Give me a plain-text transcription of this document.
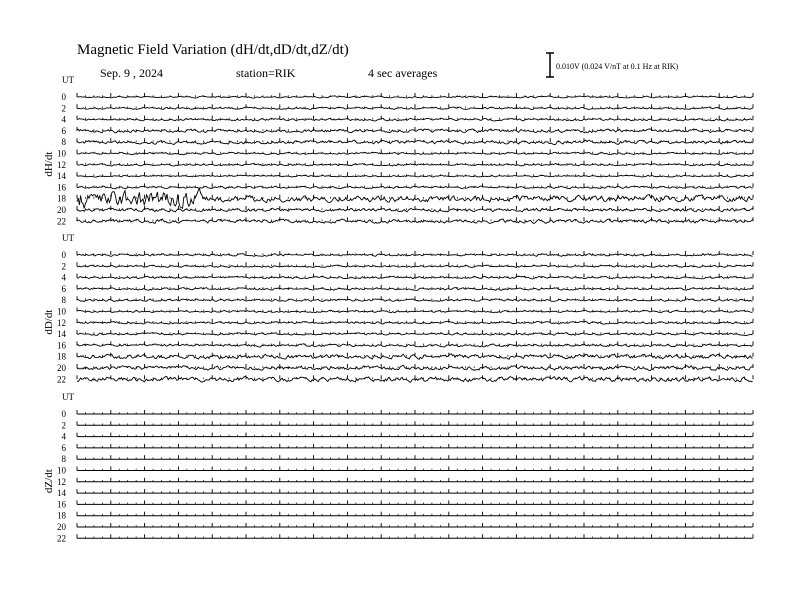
Magnetic Field Variation (dH/dt,dD/dt,dZ/dt)
Sep. 9 , 2024	station=RIK	4 sec averages	0.010V (0.024 V/nT at 0.1 Hz at RIK)
UT
dH/dt
0
2
4
6
8
10
12
14
16
18
20
22
UT
dD/dt
0
2
4
6
8
10
12
14
16
18
20
22
UT
dZ/dt
0
2
4
6
8
10
12
14
16
18
20
22
